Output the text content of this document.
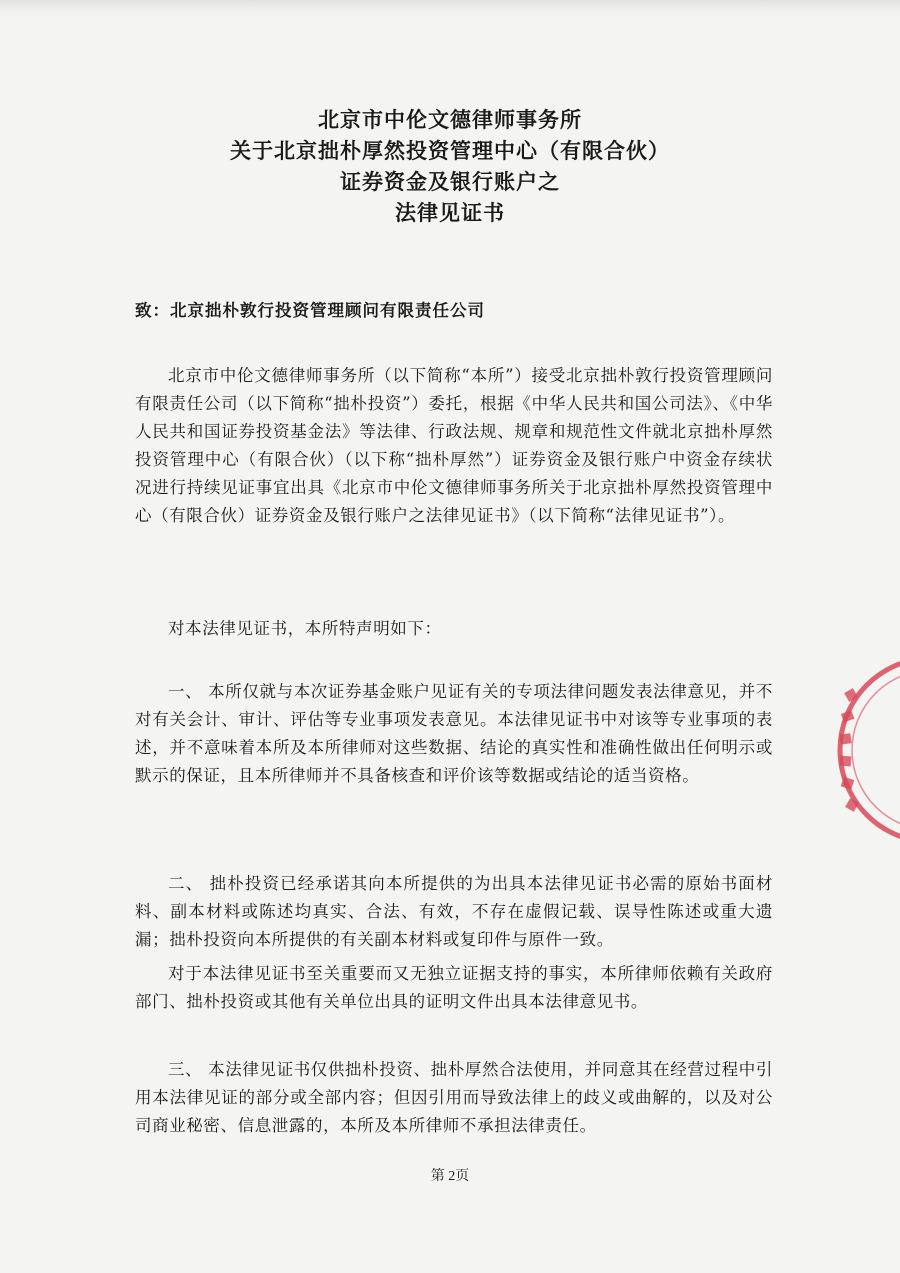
北京市中伦文德律师事务所
关于北京拙朴厚然投资管理中心（有限合伙）
证券资金及银行账户之
法律见证书
致：北京拙朴敦行投资管理顾问有限责任公司
北京市中伦文德律师事务所（以下简称“本所”）接受北京拙朴敦行投资管理顾问有限责任公司（以下简称“拙朴投资”）委托，根据《中华人民共和国公司法》、《中华人民共和国证券投资基金法》等法律、行政法规、规章和规范性文件就北京拙朴厚然投资管理中心（有限合伙）（以下称“拙朴厚然”）证券资金及银行账户中资金存续状况进行持续见证事宜出具《北京市中伦文德律师事务所关于北京拙朴厚然投资管理中心（有限合伙）证券资金及银行账户之法律见证书》（以下简称“法律见证书”）。
对本法律见证书，本所特声明如下：
一、 本所仅就与本次证券基金账户见证有关的专项法律问题发表法律意见，并不对有关会计、审计、评估等专业事项发表意见。本法律见证书中对该等专业事项的表述，并不意味着本所及本所律师对这些数据、结论的真实性和准确性做出任何明示或默示的保证，且本所律师并不具备核查和评价该等数据或结论的适当资格。
二、 拙朴投资已经承诺其向本所提供的为出具本法律见证书必需的原始书面材料、副本材料或陈述均真实、合法、有效，不存在虚假记载、误导性陈述或重大遗漏；拙朴投资向本所提供的有关副本材料或复印件与原件一致。
对于本法律见证书至关重要而又无独立证据支持的事实，本所律师依赖有关政府部门、拙朴投资或其他有关单位出具的证明文件出具本法律意见书。
三、 本法律见证书仅供拙朴投资、拙朴厚然合法使用，并同意其在经营过程中引用本法律见证的部分或全部内容；但因引用而导致法律上的歧义或曲解的，以及对公司商业秘密、信息泄露的，本所及本所律师不承担法律责任。
第 2页
